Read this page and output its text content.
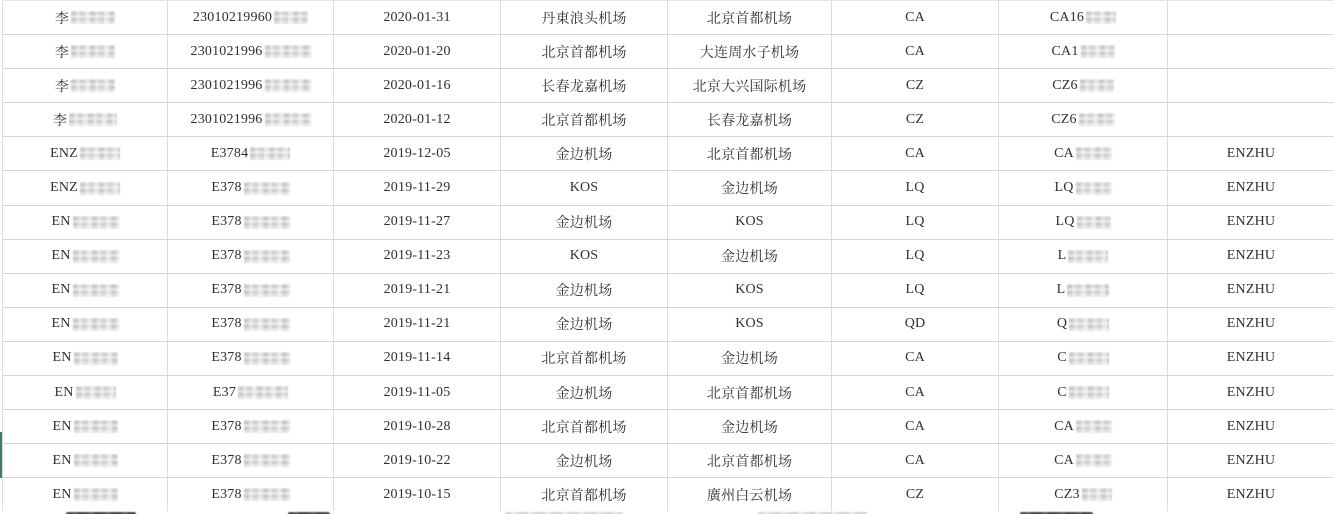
李	23010219960	2020-01-31	丹東浪头机场	北京首都机场	CA	CA16
李	2301021996	2020-01-20	北京首都机场	大连周水子机场	CA	CA1
李	2301021996	2020-01-16	长春龙嘉机场	北京大兴国际机场	CZ	CZ6
李	2301021996	2020-01-12	北京首都机场	长春龙嘉机场	CZ	CZ6
ENZ	E3784	2019-12-05	金边机场	北京首都机场	CA	CA	ENZHU
ENZ	E378	2019-11-29	KOS	金边机场	LQ	LQ	ENZHU
EN	E378	2019-11-27	金边机场	KOS	LQ	LQ	ENZHU
EN	E378	2019-11-23	KOS	金边机场	LQ	L	ENZHU
EN	E378	2019-11-21	金边机场	KOS	LQ	L	ENZHU
EN	E378	2019-11-21	金边机场	KOS	QD	Q	ENZHU
EN	E378	2019-11-14	北京首都机场	金边机场	CA	C	ENZHU
EN	E37	2019-11-05	金边机场	北京首都机场	CA	C	ENZHU
EN	E378	2019-10-28	北京首都机场	金边机场	CA	CA	ENZHU
EN	E378	2019-10-22	金边机场	北京首都机场	CA	CA	ENZHU
EN	E378	2019-10-15	北京首都机场	廣州白云机场	CZ	CZ3	ENZHU
